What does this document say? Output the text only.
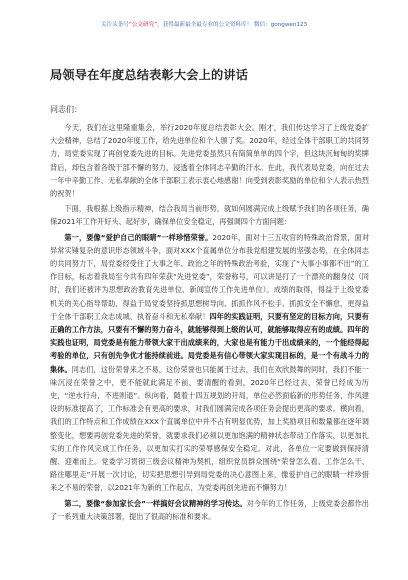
关注头条号“公文研究”，获得最新最全最专业的公文资料库！ 微信：gongwen123
局领导在年度总结表彰大会上的讲话
同志们：

今天，我们在这里隆重集会，举行2020年度总结表彰大会。刚才，我们传达学习了上级党委扩大会精神，总结了2020年度工作，给先进单位和个人颁了奖。2020年，经过全体干部职工的共同努力，局党委实现了再创党委先进的目标。先进党委虽然只有简简单单的四个字，但这块沉甸甸的奖牌背后，却包含着各级干部不懈的努力，浸透着全体同志辛勤的汗水。在此，我代表局党委，向在过去一年中辛勤工作、无私奉献的全体干部职工表示衷心地感谢！向受到表彰奖励的单位和个人表示热烈的祝贺！

下面，我根据上级指示精神，结合我局当前形势，就如何圆满完成上级赋予我们的各项任务，确保2021年工作开好头、起好步，确保单位安全稳定，再强调四个方面问题：

第一，要像“爱护自己的眼睛”一样珍惜荣誉。2020年，面对十三五收官的特殊政治背景，面对异常实锤复杂的意识形态领域斗争，面对XXX个直属单位分布我党组建发展的坚强态势，在全体同志的共同努力下，局党委经受住了大事之年、政治之年的特殊政治考验，实现了“大事小事都不出”的工作目标，标志着我局至今共有四年荣获“先进党委”，荣誉称号，可以讲是打了一个漂亮的翻身仗（同时，我们还被评为思想政治教育先进单位、新闻宣传工作先进单位）。成绩的取得，得益于上级党委机关的关心指导帮助，得益于局党委坚持抓思想树导向、抓抓作风不松手、抓抓安全不懈怠，更得益于全体干部职工众志成城、执着奋斗和无私奉献！四年的实践证明，只要有坚定的目标方向，只要有正确的工作方法，只要有不懈的努力奋斗，就能够得到上级的认可，就能够取得应有的成绩。四年的实践也证明，局党委是有能力带领大家干出成绩来的，大家也是有能力干出成绩来的，一个能经得起考验的单位，只有创先争优才能持续前进。局党委是有信心带领大家实现目标的，是一个有战斗力的集体。同志们，这份荣誉来之不易，这份荣誉也只能属于过去，我们在欢欣鼓舞的同时，我们不能一味沉浸在荣誉之中，更不能就此满足不前，要清醒的看到，2020年已经过去，荣誉已经成为历史，“逆水行舟，不进则退”。纵向看，随着十四五规划的开局，单位必然面临新的形势任务，作风建设的标准提高了，工作标准会有更高的要求，对我们圆满完成各项任务会提出更高的要求。横向看，我们的工作特点和工作成绩在XXX个直属单位中并不占有明显优势，加上奖励项目和数量都在逐年调整变化，想要再创党委先进的荣誉，就要求我们必须以更加饱满的精神状态带动工作落实，以更加扎实的工作作风完成工作任务，以更加实打实的荣辱感保安全稳定。对此，各单位一定要做到保持清醒、迎难而上。党委学习贯彻三级会议精神为契机，组织党员群众围绕“荣誉怎么看、工作怎么干、路往哪里走”开展一次讨论，切实把思想引导到局党委的决心意图上来，像爱护自己的眼睛一样珍惜来之不易的荣誉，以2021年为新的工作起点，为党委再创先进而不懈努力！

第二，要像“参加家长会”一样搞好会议精神的学习传达。对今年的工作任务，上级党委会都作出了一系列重大决策部署，提出了很高的标准和要求。
